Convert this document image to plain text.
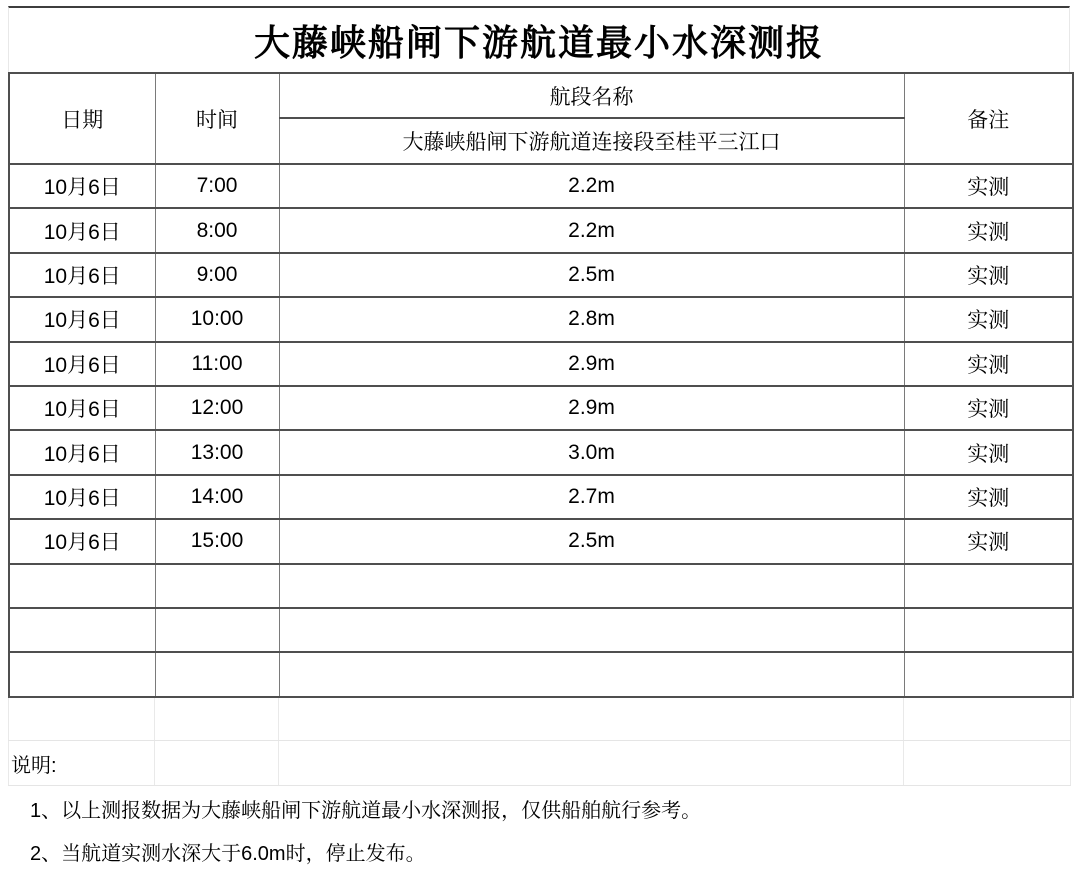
大藤峡船闸下游航道最小水深测报
日期	时间	航段名称	备注
		大藤峡船闸下游航道连接段至桂平三江口	
10月6日	7:00	2.2m	实测
10月6日	8:00	2.2m	实测
10月6日	9:00	2.5m	实测
10月6日	10:00	2.8m	实测
10月6日	11:00	2.9m	实测
10月6日	12:00	2.9m	实测
10月6日	13:00	3.0m	实测
10月6日	14:00	2.7m	实测
10月6日	15:00	2.5m	实测

说明:
1、以上测报数据为大藤峡船闸下游航道最小水深测报，仅供船舶航行参考。
2、当航道实测水深大于6.0m时，停止发布。
